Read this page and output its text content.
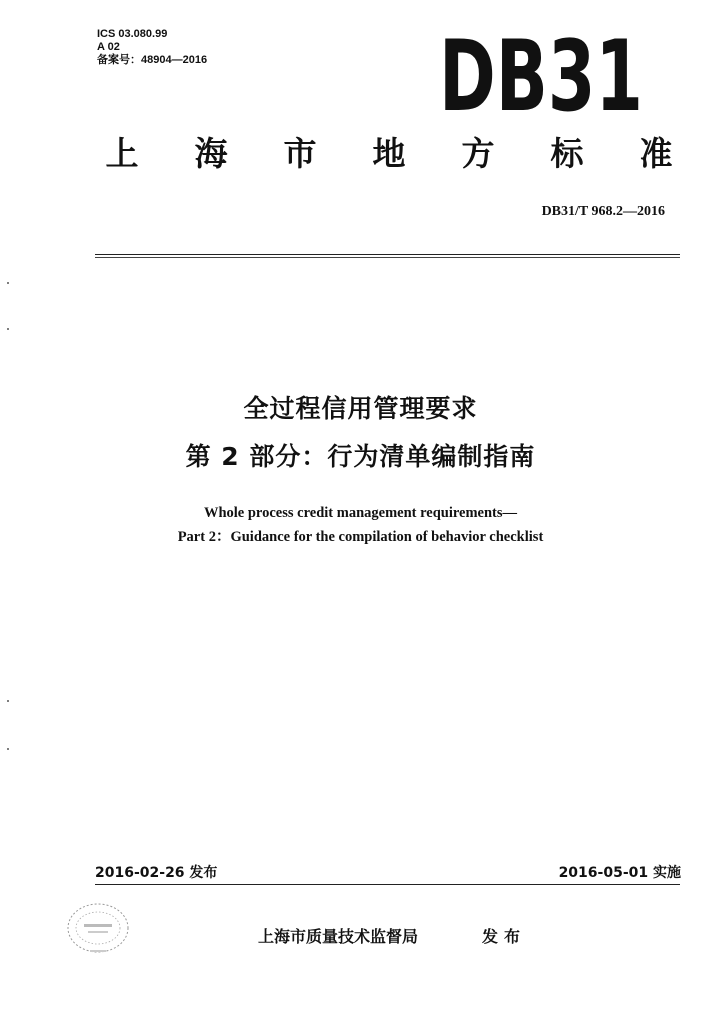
ICS 03.080.99
A 02
备案号：48904—2016 DB31
上 海 市 地 方 标 准
DB31/T 968.2—2016
全过程信用管理要求
第 2 部分：行为清单编制指南
Whole process credit management requirements—
Part 2：Guidance for the compilation of behavior checklist
2016-02-26 发布	2016-05-01 实施
上海市质量技术监督局	发布
